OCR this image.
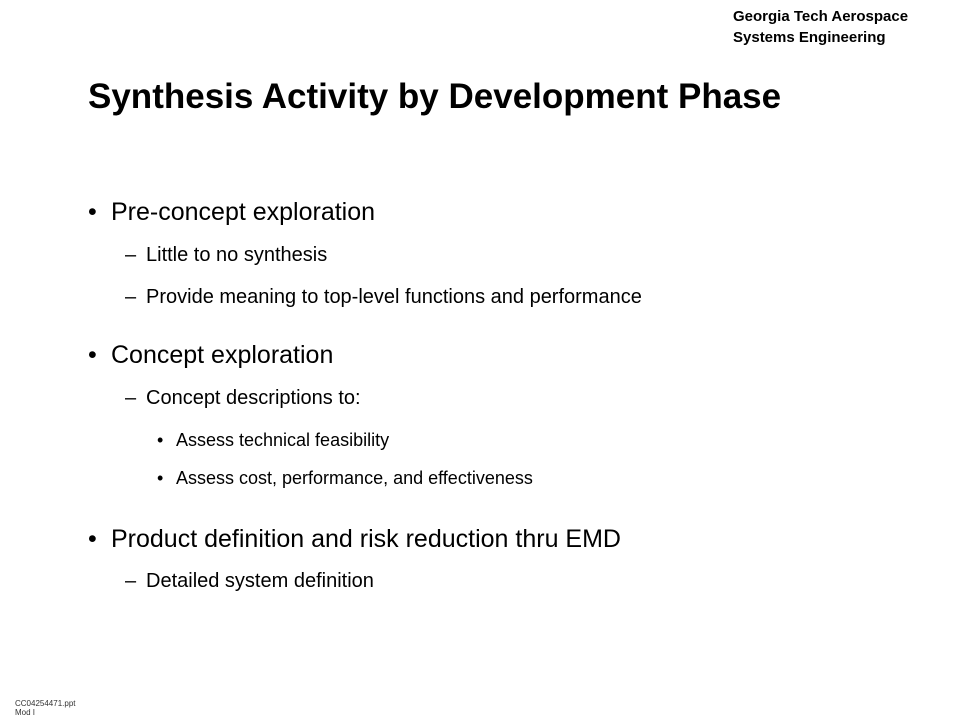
Georgia Tech Aerospace
Systems Engineering
Synthesis Activity by Development Phase
• Pre-concept exploration
– Little to no synthesis
– Provide meaning to top-level functions and performance
• Concept exploration
– Concept descriptions to:
• Assess technical feasibility
• Assess cost, performance, and effectiveness
• Product definition and risk reduction thru EMD
– Detailed system definition
CC04254471.ppt
Mod I
